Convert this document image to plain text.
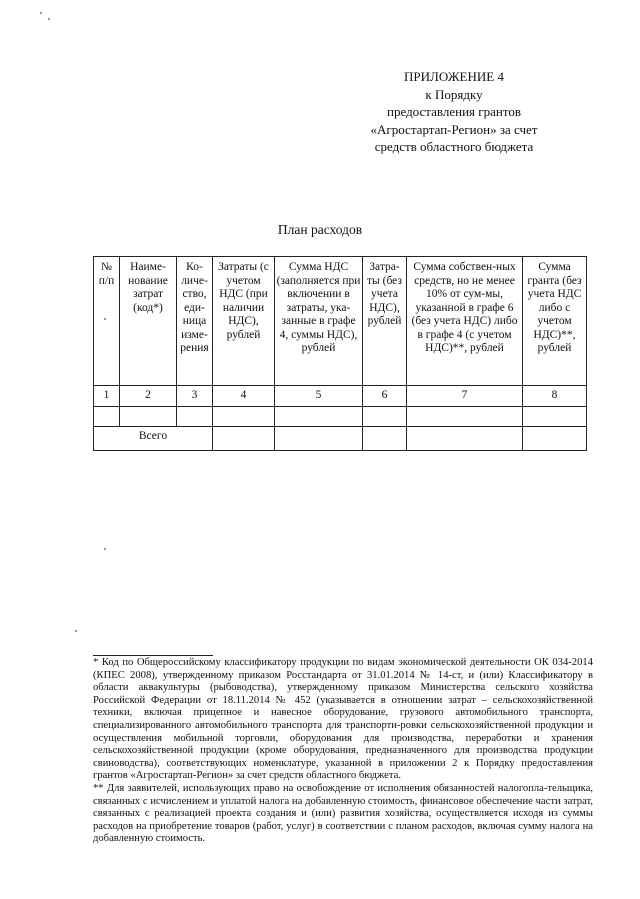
ПРИЛОЖЕНИЕ 4
к Порядку
предоставления грантов
«Агростартап-Регион» за счет
средств областного бюджета
План расходов
№ п/п	Наиме-нование затрат (код*)	Ко-личе-ство, еди-ница изме-рения	Затраты (с учетом НДС (при наличии НДС), рублей	Сумма НДС (заполняется при включении в затраты, ука-занные в графе 4, суммы НДС), рублей	Затра-ты (без учета НДС), рублей	Сумма собствен-ных средств, но не менее 10% от сум-мы, указанной в графе 6 (без учета НДС) либо в графе 4 (с учетом НДС)**, рублей	Сумма гранта (без учета НДС либо с учетом НДС)**, рублей
1	2	3	4	5	6	7	8

Всего							

* Код по Общероссийскому классификатору продукции по видам экономической деятельности ОК 034-2014 (КПЕС 2008), утвержденному приказом Росстандарта от 31.01.2014 № 14-ст, и (или) Классификатору в области аквакультуры (рыбоводства), утвержденному приказом Министерства сельского хозяйства Российской Федерации от 18.11.2014 № 452 (указывается в отношении затрат – сельскохозяйственной техники, включая прицепное и навесное оборудование, грузового автомобильного транспорта, специализированного автомобильного транспорта для транспорти-ровки сельскохозяйственной продукции и осуществления мобильной торговли, оборудования для производства, переработки и хранения сельскохозяйственной продукции (кроме оборудования, предназначенного для производства продукции свиноводства), соответствующих номенклатуре, указанной в приложении 2 к Порядку предоставления грантов «Агростартап-Регион» за счет средств областного бюджета.

** Для заявителей, использующих право на освобождение от исполнения обязанностей налогопла-тельщика, связанных с исчислением и уплатой налога на добавленную стоимость, финансовое обеспечение части затрат, связанных с реализацией проекта создания и (или) развития хозяйства, осуществляется исходя из суммы расходов на приобретение товаров (работ, услуг) в соответствии с планом расходов, включая сумму налога на добавленную стоимость.
